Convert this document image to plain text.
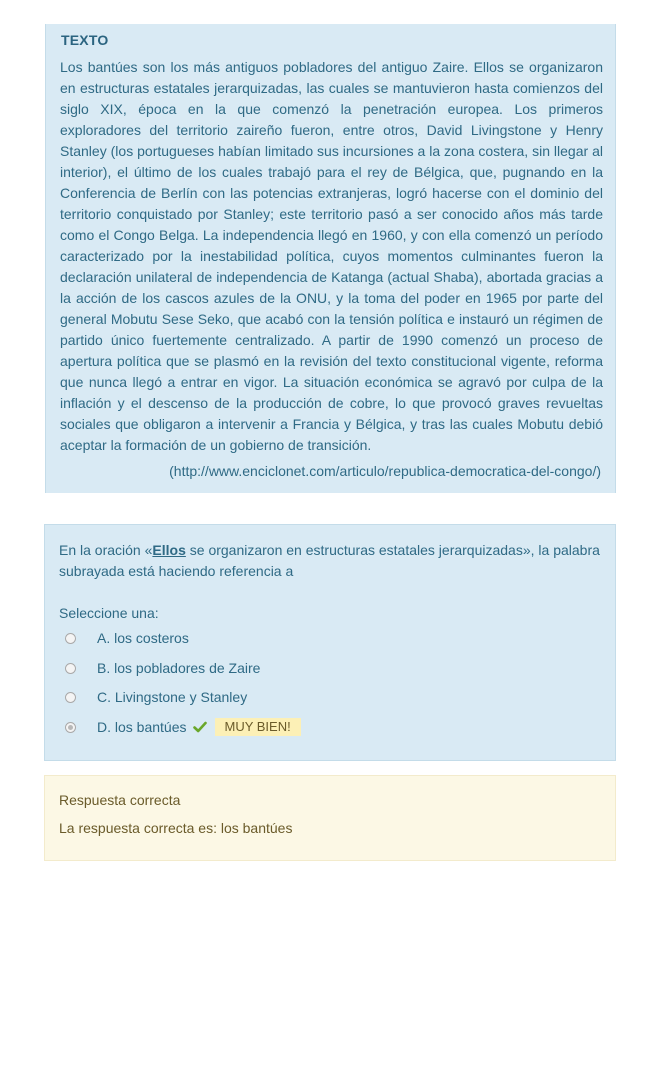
TEXTO
Los bantúes son los más antiguos pobladores del antiguo Zaire. Ellos se organizaron en estructuras estatales jerarquizadas, las cuales se mantuvieron hasta comienzos del siglo XIX, época en la que comenzó la penetración europea. Los primeros exploradores del territorio zaireño fueron, entre otros, David Livingstone y Henry Stanley (los portugueses habían limitado sus incursiones a la zona costera, sin llegar al interior), el último de los cuales trabajó para el rey de Bélgica, que, pugnando en la Conferencia de Berlín con las potencias extranjeras, logró hacerse con el dominio del territorio conquistado por Stanley; este territorio pasó a ser conocido años más tarde como el Congo Belga. La independencia llegó en 1960, y con ella comenzó un período caracterizado por la inestabilidad política, cuyos momentos culminantes fueron la declaración unilateral de independencia de Katanga (actual Shaba), abortada gracias a la acción de los cascos azules de la ONU, y la toma del poder en 1965 por parte del general Mobutu Sese Seko, que acabó con la tensión política e instauró un régimen de partido único fuertemente centralizado. A partir de 1990 comenzó un proceso de apertura política que se plasmó en la revisión del texto constitucional vigente, reforma que nunca llegó a entrar en vigor. La situación económica se agravó por culpa de la inflación y el descenso de la producción de cobre, lo que provocó graves revueltas sociales que obligaron a intervenir a Francia y Bélgica, y tras las cuales Mobutu debió aceptar la formación de un gobierno de transición.
(http://www.enciclonet.com/articulo/republica-democratica-del-congo/)
En la oración «Ellos se organizaron en estructuras estatales jerarquizadas», la palabra subrayada está haciendo referencia a
Seleccione una:
A. los costeros
B. los pobladores de Zaire
C. Livingstone y Stanley
D. los bantúes	MUY BIEN!
Respuesta correcta
La respuesta correcta es: los bantúes
